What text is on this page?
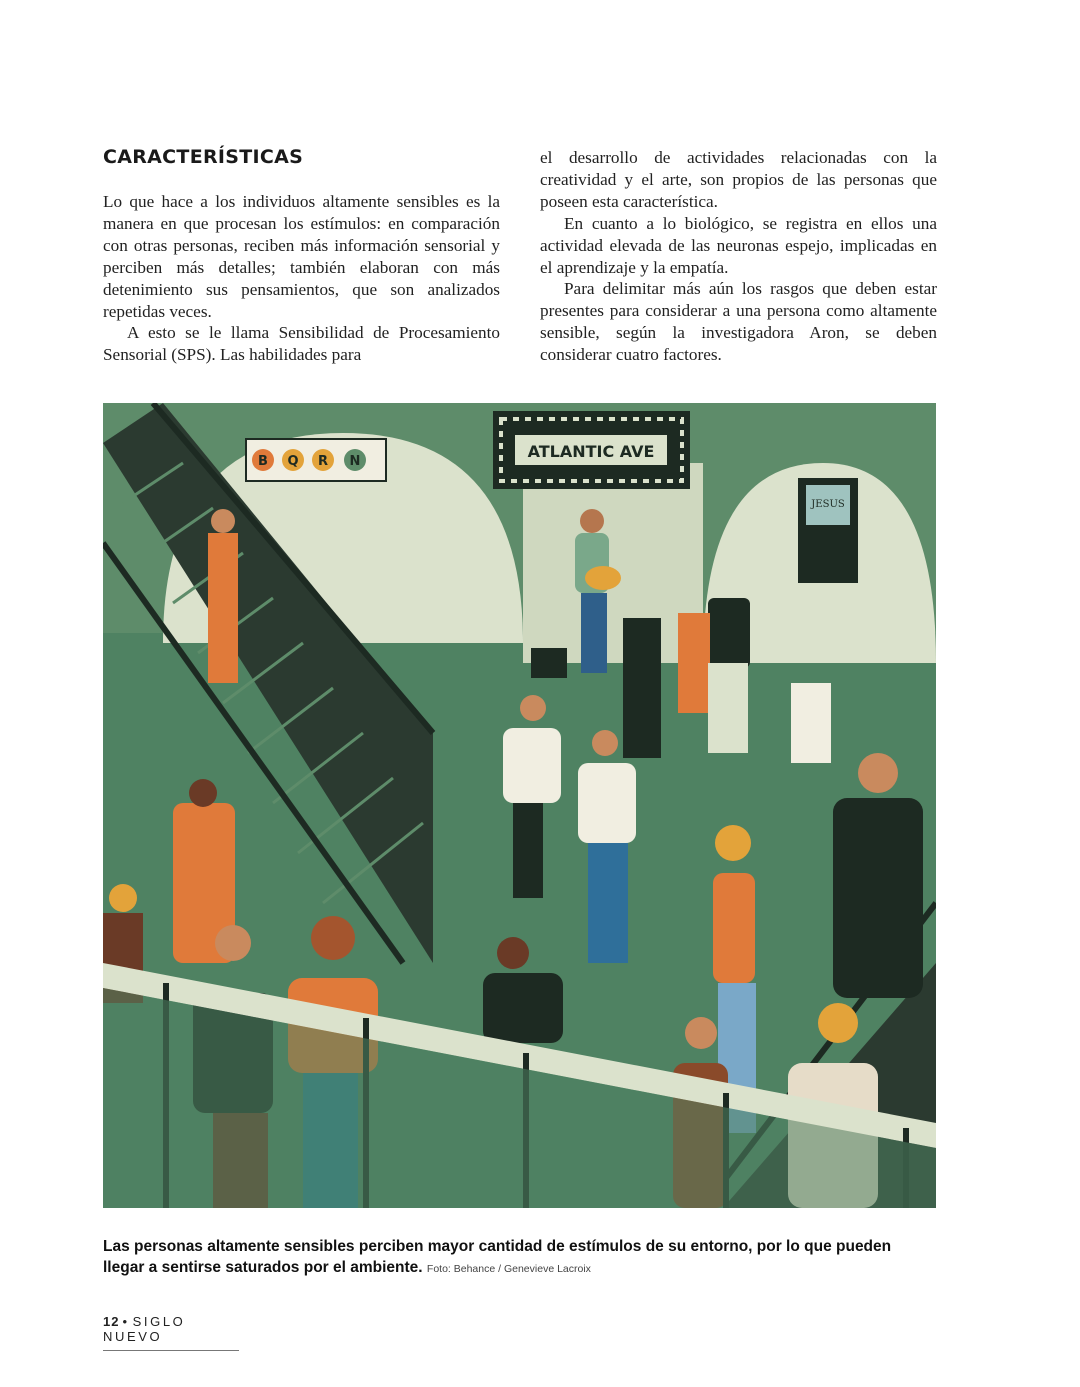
CARACTERÍSTICAS

Lo que hace a los individuos altamente sensibles es la manera en que procesan los estímulos: en comparación con otras personas, reciben más información sensorial y perciben más detalles; también elaboran con más detenimiento sus pensamientos, que son analizados repetidas veces.

A esto se le llama Sensibilidad de Procesamiento Sensorial (SPS). Las habilidades para

el desarrollo de actividades relacionadas con la creatividad y el arte, son propios de las personas que poseen esta característica.

En cuanto a lo biológico, se registra en ellos una actividad elevada de las neuronas espejo, implicadas en el aprendizaje y la empatía.

Para delimitar más aún los rasgos que deben estar presentes para considerar a una persona como altamente sensible, según la investigadora Aron, se deben considerar cuatro factores.

ATLANTIC AVE
B Q R N
JESUS
Las personas altamente sensibles perciben mayor cantidad de estímulos de su entorno, por lo que pueden llegar a sentirse saturados por el ambiente. Foto: Behance / Genevieve Lacroix
12 • SIGLO NUEVO
